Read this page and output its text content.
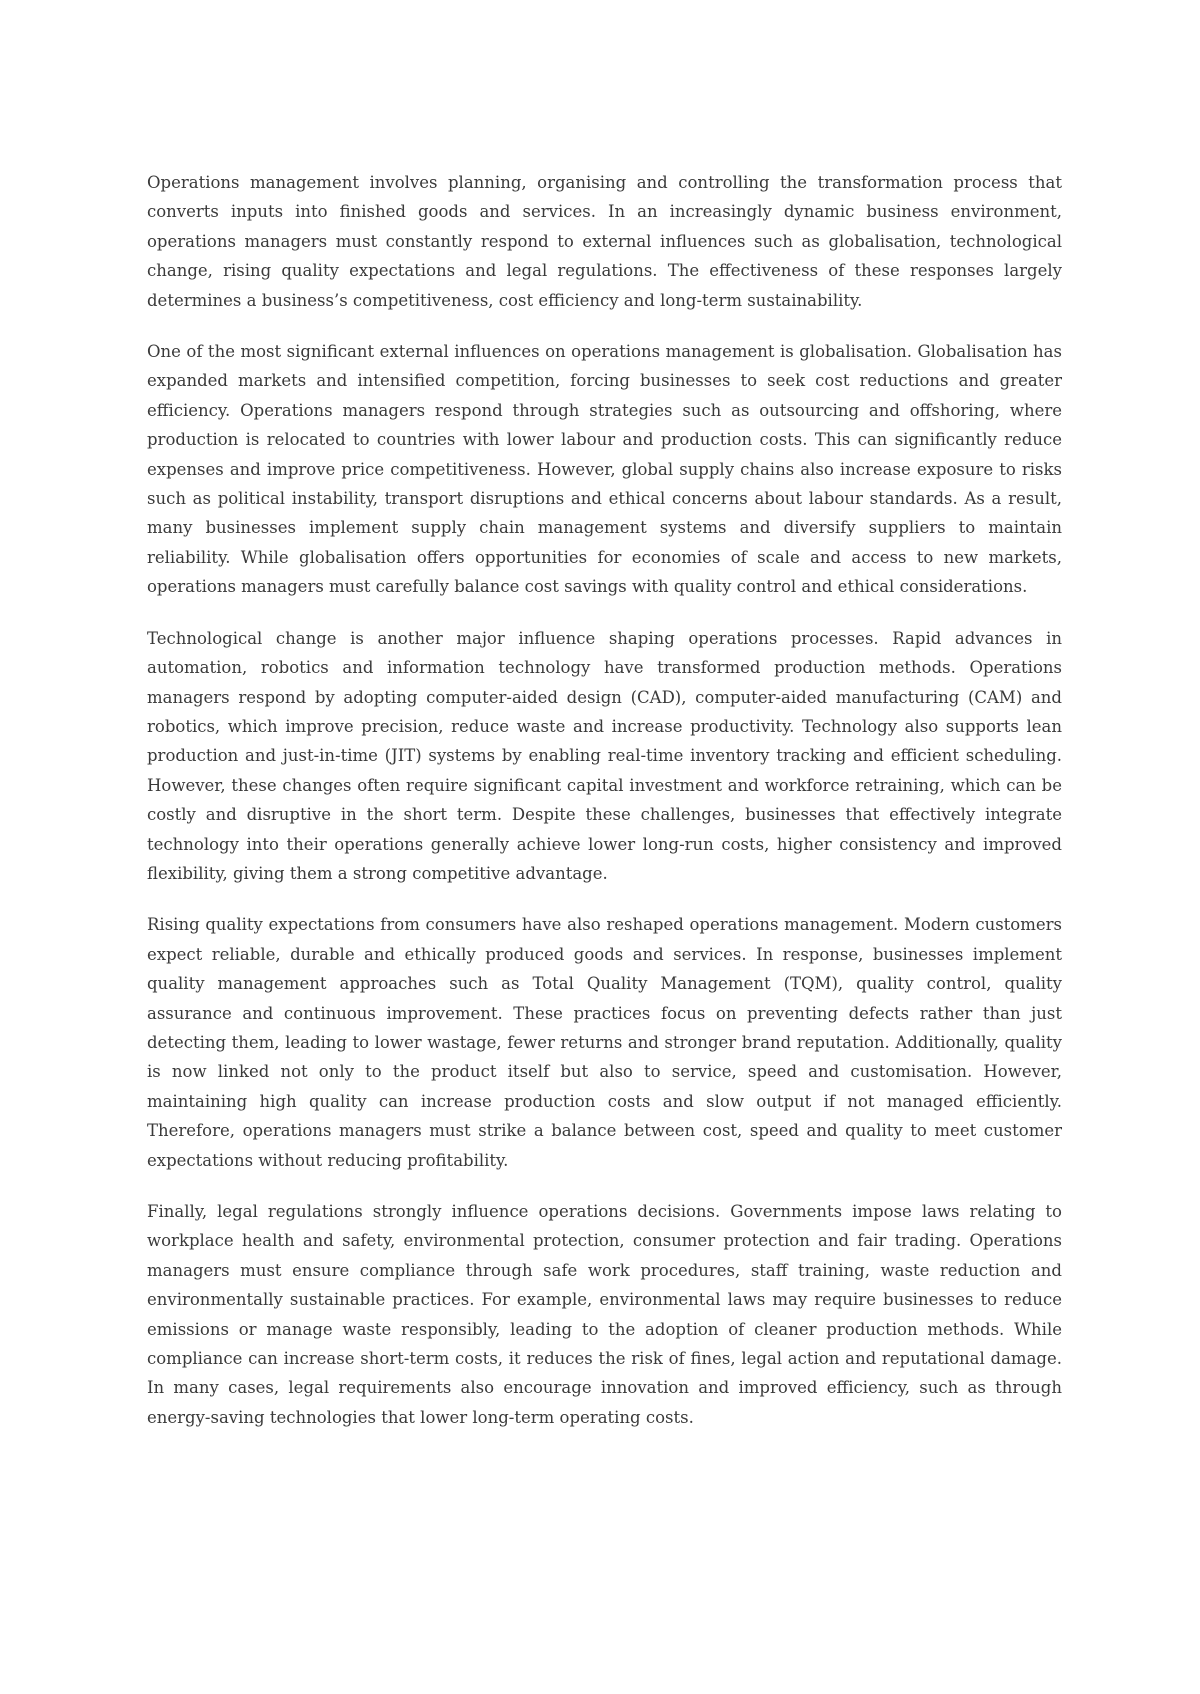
Operations management involves planning, organising and controlling the transformation process that converts inputs into finished goods and services. In an increasingly dynamic business environment, operations managers must constantly respond to external influences such as globalisation, technological change, rising quality expectations and legal regulations. The effectiveness of these responses largely determines a business’s competitiveness, cost efficiency and long-term sustainability.

One of the most significant external influences on operations management is globalisation. Globalisation has expanded markets and intensified competition, forcing businesses to seek cost reductions and greater efficiency. Operations managers respond through strategies such as outsourcing and offshoring, where production is relocated to countries with lower labour and production costs. This can significantly reduce expenses and improve price competitiveness. However, global supply chains also increase exposure to risks such as political instability, transport disruptions and ethical concerns about labour standards. As a result, many businesses implement supply chain management systems and diversify suppliers to maintain reliability. While globalisation offers opportunities for economies of scale and access to new markets, operations managers must carefully balance cost savings with quality control and ethical considerations.

Technological change is another major influence shaping operations processes. Rapid advances in automation, robotics and information technology have transformed production methods. Operations managers respond by adopting computer-aided design (CAD), computer-aided manufacturing (CAM) and robotics, which improve precision, reduce waste and increase productivity. Technology also supports lean production and just-in-time (JIT) systems by enabling real-time inventory tracking and efficient scheduling. However, these changes often require significant capital investment and workforce retraining, which can be costly and disruptive in the short term. Despite these challenges, businesses that effectively integrate technology into their operations generally achieve lower long-run costs, higher consistency and improved flexibility, giving them a strong competitive advantage.

Rising quality expectations from consumers have also reshaped operations management. Modern customers expect reliable, durable and ethically produced goods and services. In response, businesses implement quality management approaches such as Total Quality Management (TQM), quality control, quality assurance and continuous improvement. These practices focus on preventing defects rather than just detecting them, leading to lower wastage, fewer returns and stronger brand reputation. Additionally, quality is now linked not only to the product itself but also to service, speed and customisation. However, maintaining high quality can increase production costs and slow output if not managed efficiently. Therefore, operations managers must strike a balance between cost, speed and quality to meet customer expectations without reducing profitability.

Finally, legal regulations strongly influence operations decisions. Governments impose laws relating to workplace health and safety, environmental protection, consumer protection and fair trading. Operations managers must ensure compliance through safe work procedures, staff training, waste reduction and environmentally sustainable practices. For example, environmental laws may require businesses to reduce emissions or manage waste responsibly, leading to the adoption of cleaner production methods. While compliance can increase short-term costs, it reduces the risk of fines, legal action and reputational damage. In many cases, legal requirements also encourage innovation and improved efficiency, such as through energy-saving technologies that lower long-term operating costs.
